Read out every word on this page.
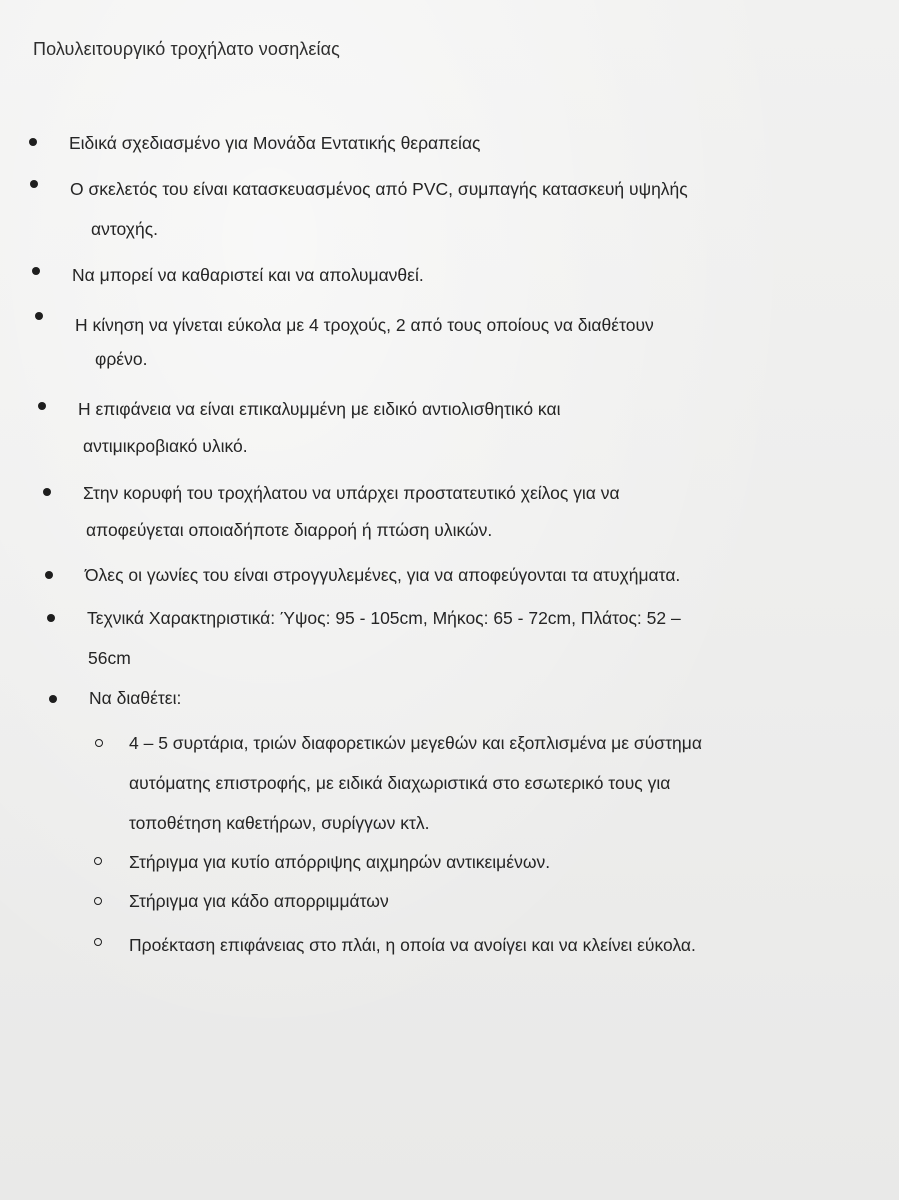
Πολυλειτουργικό τροχήλατο νοσηλείας
Ειδικά σχεδιασμένο για Μονάδα Εντατικής θεραπείας
Ο σκελετός του είναι κατασκευασμένος από PVC, συμπαγής κατασκευή υψηλής
αντοχής.
Να μπορεί να καθαριστεί και να απολυμανθεί.
Η κίνηση να γίνεται εύκολα με 4 τροχούς, 2 από τους οποίους να διαθέτουν
φρένο.
Η επιφάνεια να είναι επικαλυμμένη με ειδικό αντιολισθητικό και
αντιμικροβιακό υλικό.
Στην κορυφή του τροχήλατου να υπάρχει προστατευτικό χείλος για να
αποφεύγεται οποιαδήποτε διαρροή ή πτώση υλικών.
Όλες οι γωνίες του είναι στρογγυλεμένες, για να αποφεύγονται τα ατυχήματα.
Τεχνικά Χαρακτηριστικά: Ύψος: 95 - 105cm, Μήκος: 65 - 72cm, Πλάτος: 52 –
56cm
Να διαθέτει:
4 – 5 συρτάρια, τριών διαφορετικών μεγεθών και εξοπλισμένα με σύστημα
αυτόματης επιστροφής, με ειδικά διαχωριστικά στο εσωτερικό τους για
τοποθέτηση καθετήρων, συρίγγων κτλ.
Στήριγμα για κυτίο απόρριψης αιχμηρών αντικειμένων.
Στήριγμα για κάδο απορριμμάτων
Προέκταση επιφάνειας στο πλάι, η οποία να ανοίγει και να κλείνει εύκολα.
